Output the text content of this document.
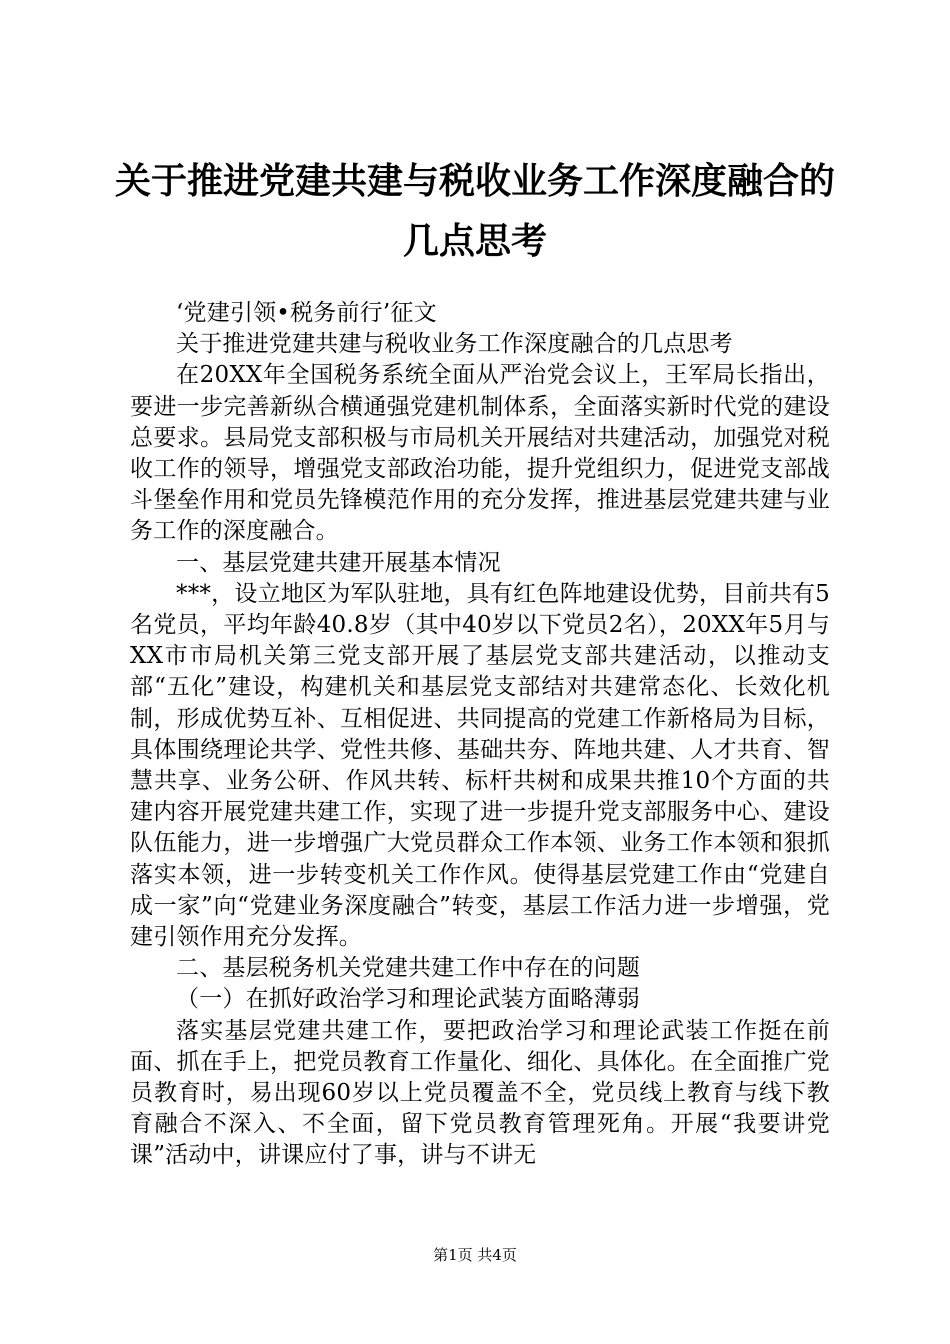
关于推进党建共建与税收业务工作深度融合的
几点思考

‘党建引领•税务前行’征文

关于推进党建共建与税收业务工作深度融合的几点思考

在20XX年全国税务系统全面从严治党会议上，王军局长指出，要进一步完善新纵合横通强党建机制体系，全面落实新时代党的建设总要求。县局党支部积极与市局机关开展结对共建活动，加强党对税收工作的领导，增强党支部政治功能，提升党组织力，促进党支部战斗堡垒作用和党员先锋模范作用的充分发挥，推进基层党建共建与业务工作的深度融合。

一、基层党建共建开展基本情况

***，设立地区为军队驻地，具有红色阵地建设优势，目前共有5名党员，平均年龄40.8岁（其中40岁以下党员2名），20XX年5月与XX市市局机关第三党支部开展了基层党支部共建活动，以推动支部“五化”建设，构建机关和基层党支部结对共建常态化、长效化机制，形成优势互补、互相促进、共同提高的党建工作新格局为目标，具体围绕理论共学、党性共修、基础共夯、阵地共建、人才共育、智慧共享、业务公研、作风共转、标杆共树和成果共推10个方面的共建内容开展党建共建工作，实现了进一步提升党支部服务中心、建设队伍能力，进一步增强广大党员群众工作本领、业务工作本领和狠抓落实本领，进一步转变机关工作作风。使得基层党建工作由“党建自成一家”向“党建业务深度融合”转变，基层工作活力进一步增强，党建引领作用充分发挥。

二、基层税务机关党建共建工作中存在的问题

（一）在抓好政治学习和理论武装方面略薄弱

落实基层党建共建工作，要把政治学习和理论武装工作挺在前面、抓在手上，把党员教育工作量化、细化、具体化。在全面推广党员教育时，易出现60岁以上党员覆盖不全，党员线上教育与线下教育融合不深入、不全面，留下党员教育管理死角。开展“我要讲党课”活动中，讲课应付了事，讲与不讲无

第1页 共4页
